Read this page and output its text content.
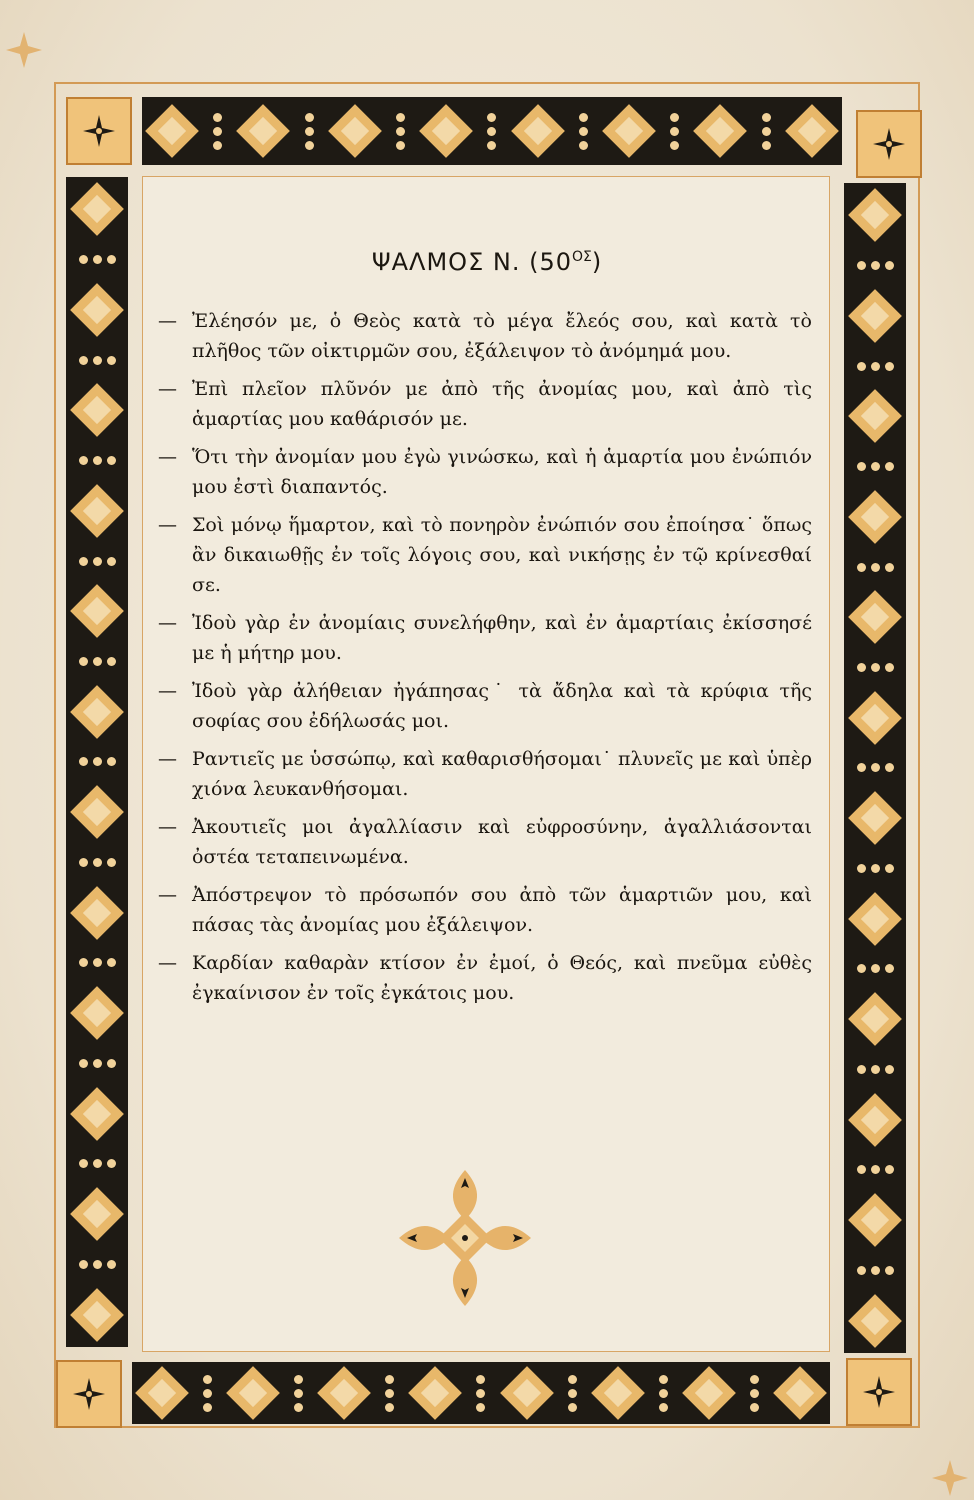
ΨΑΛΜΟΣ Ν. $(50^{O\Sigma})$
— Ἐλέησόν με, ὁ Θεὸς κατὰ τὸ μέγα ἔλεός σου, καὶ κατὰ τὸ πλῆθος τῶν οἰκτιρμῶν σου, ἐξάλειψον τὸ ἀνόμημά μου.
— Ἐπὶ πλεῖον πλῦνόν με ἀπὸ τῆς ἀνομίας μου, καὶ ἀπὸ τὶς ἁμαρτίας μου καθάρισόν με.
— Ὅτι τὴν ἀνομίαν μου ἐγὼ γινώσκω, καὶ ἡ ἁμαρτία μου ἐνώπιόν μου ἐστὶ διαπαντός.
— Σοὶ μόνῳ ἥμαρτον, καὶ τὸ πονηρὸν ἐνώπιόν σου ἐποίησα˙ ὅπως ἂν δικαιωθῇς ἐν τοῖς λόγοις σου, καὶ νικήσῃς ἐν τῷ κρίνεσθαί σε.
— Ἰδοὺ γὰρ ἐν ἀνομίαις συνελήφθην, καὶ ἐν ἁμαρτίαις ἐκίσσησέ με ἡ μήτηρ μου.
— Ἰδοὺ γὰρ ἀλήθειαν ἠγάπησας˙ τὰ ἄδηλα καὶ τὰ κρύφια τῆς σοφίας σου ἐδήλωσάς μοι.
— Ραντιεῖς με ὑσσώπῳ, καὶ καθαρισθήσομαι˙ πλυνεῖς με καὶ ὑπὲρ χιόνα λευκανθήσομαι.
— Ἀκουτιεῖς μοι ἀγαλλίασιν καὶ εὐφροσύνην, ἀγαλλιάσονται ὀστέα τεταπεινωμένα.
— Ἀπόστρεψον τὸ πρόσωπόν σου ἀπὸ τῶν ἁμαρτιῶν μου, καὶ πάσας τὰς ἀνομίας μου ἐξάλειψον.
— Καρδίαν καθαρὰν κτίσον ἐν ἐμοί, ὁ Θεός, καὶ πνεῦμα εὐθὲς ἐγκαίνισον ἐν τοῖς ἐγκάτοις μου.
